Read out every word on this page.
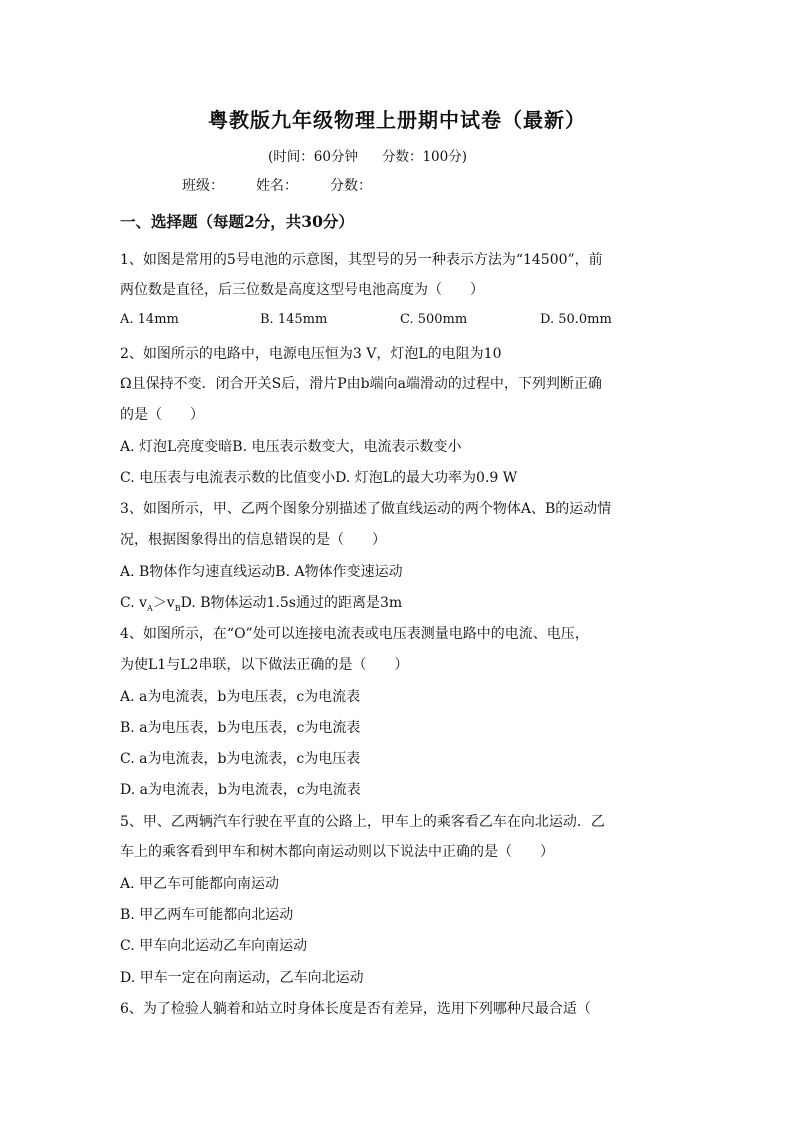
粤教版九年级物理上册期中试卷（最新）
(时间：60分钟 分数：100分)
班级： 姓名： 分数：
一、选择题（每题2分，共30分）
1、如图是常用的5号电池的示意图，其型号的另一种表示方法为“14500”，前
两位数是直径，后三位数是高度这型号电池高度为（　　）
A. 14mm	B. 145mm	C. 500mm	D. 50.0mm
2、如图所示的电路中，电源电压恒为3 V，灯泡L的电阻为10
Ω且保持不变．闭合开关S后，滑片P由b端向a端滑动的过程中，下列判断正确
的是（　　）
A. 灯泡L亮度变暗B. 电压表示数变大，电流表示数变小
C. 电压表与电流表示数的比值变小D. 灯泡L的最大功率为0.9 W
3、如图所示，甲、乙两个图象分别描述了做直线运动的两个物体A、B的运动情
况，根据图象得出的信息错误的是（　　）
A. B物体作匀速直线运动B. A物体作变速运动
C. $v_A>v_BD$. B物体运动1.5s通过的距离是3m
4、如图所示，在“O”处可以连接电流表或电压表测量电路中的电流、电压，
为使L1与L2串联，以下做法正确的是（　　）
A. a为电流表，b为电压表，c为电流表
B. a为电压表，b为电压表，c为电流表
C. a为电流表，b为电流表，c为电压表
D. a为电流表，b为电流表，c为电流表
5、甲、乙两辆汽车行驶在平直的公路上，甲车上的乘客看乙车在向北运动．乙
车上的乘客看到甲车和树木都向南运动则以下说法中正确的是（　　）
A. 甲乙车可能都向南运动
B. 甲乙两车可能都向北运动
C. 甲车向北运动乙车向南运动
D. 甲车一定在向南运动，乙车向北运动
6、为了检验人躺着和站立时身体长度是否有差异，选用下列哪种尺最合适（
